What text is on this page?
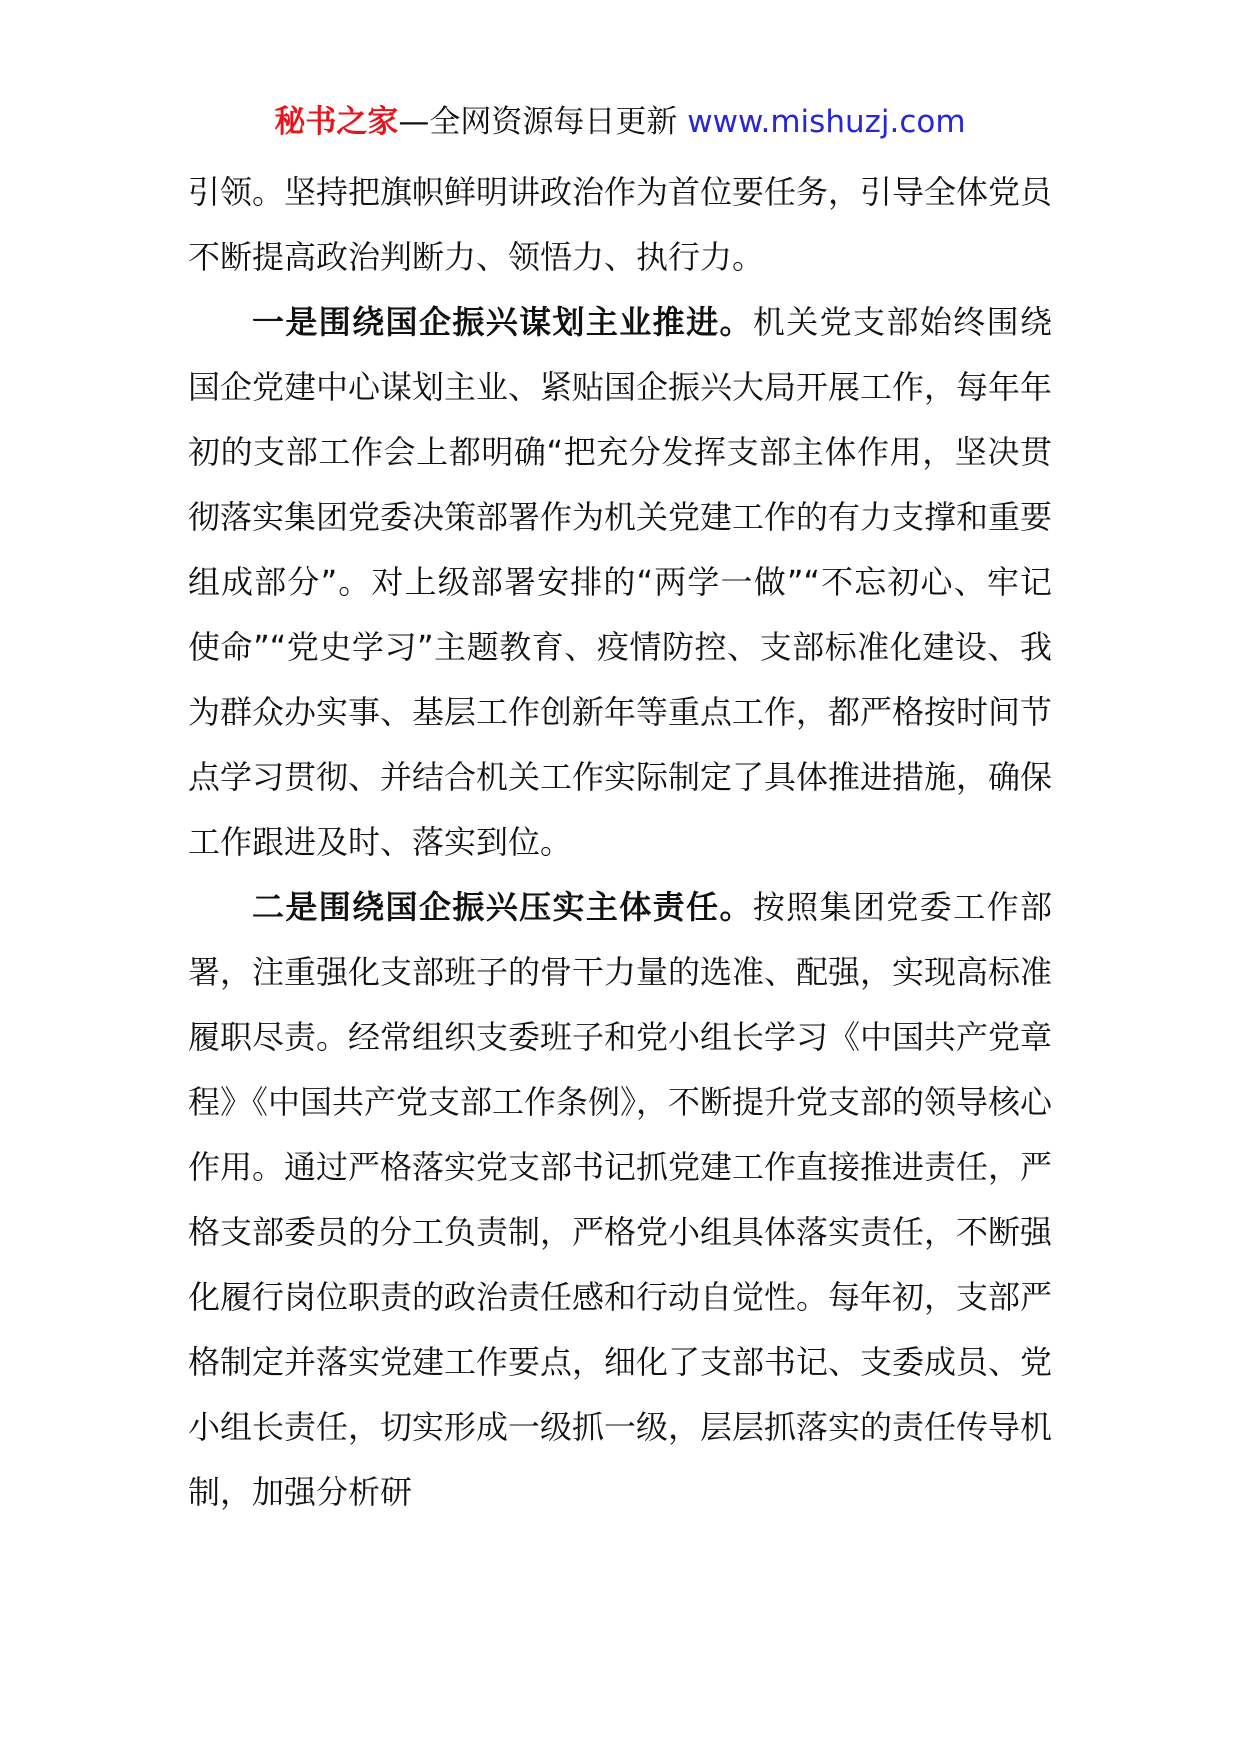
秘书之家—全网资源每日更新 www.mishuzj.com

引领。坚持把旗帜鲜明讲政治作为首位要任务，引导全体党员不断提高政治判断力、领悟力、执行力。

一是围绕国企振兴谋划主业推进。机关党支部始终围绕国企党建中心谋划主业、紧贴国企振兴大局开展工作，每年年初的支部工作会上都明确“把充分发挥支部主体作用，坚决贯彻落实集团党委决策部署作为机关党建工作的有力支撑和重要组成部分”。对上级部署安排的“两学一做”“不忘初心、牢记使命”“党史学习”主题教育、疫情防控、支部标准化建设、我为群众办实事、基层工作创新年等重点工作，都严格按时间节点学习贯彻、并结合机关工作实际制定了具体推进措施，确保工作跟进及时、落实到位。

二是围绕国企振兴压实主体责任。按照集团党委工作部署，注重强化支部班子的骨干力量的选准、配强，实现高标准履职尽责。经常组织支委班子和党小组长学习《中国共产党章程》《中国共产党支部工作条例》，不断提升党支部的领导核心作用。通过严格落实党支部书记抓党建工作直接推进责任，严格支部委员的分工负责制，严格党小组具体落实责任，不断强化履行岗位职责的政治责任感和行动自觉性。每年初，支部严格制定并落实党建工作要点，细化了支部书记、支委成员、党小组长责任，切实形成一级抓一级，层层抓落实的责任传导机制，加强分析研
